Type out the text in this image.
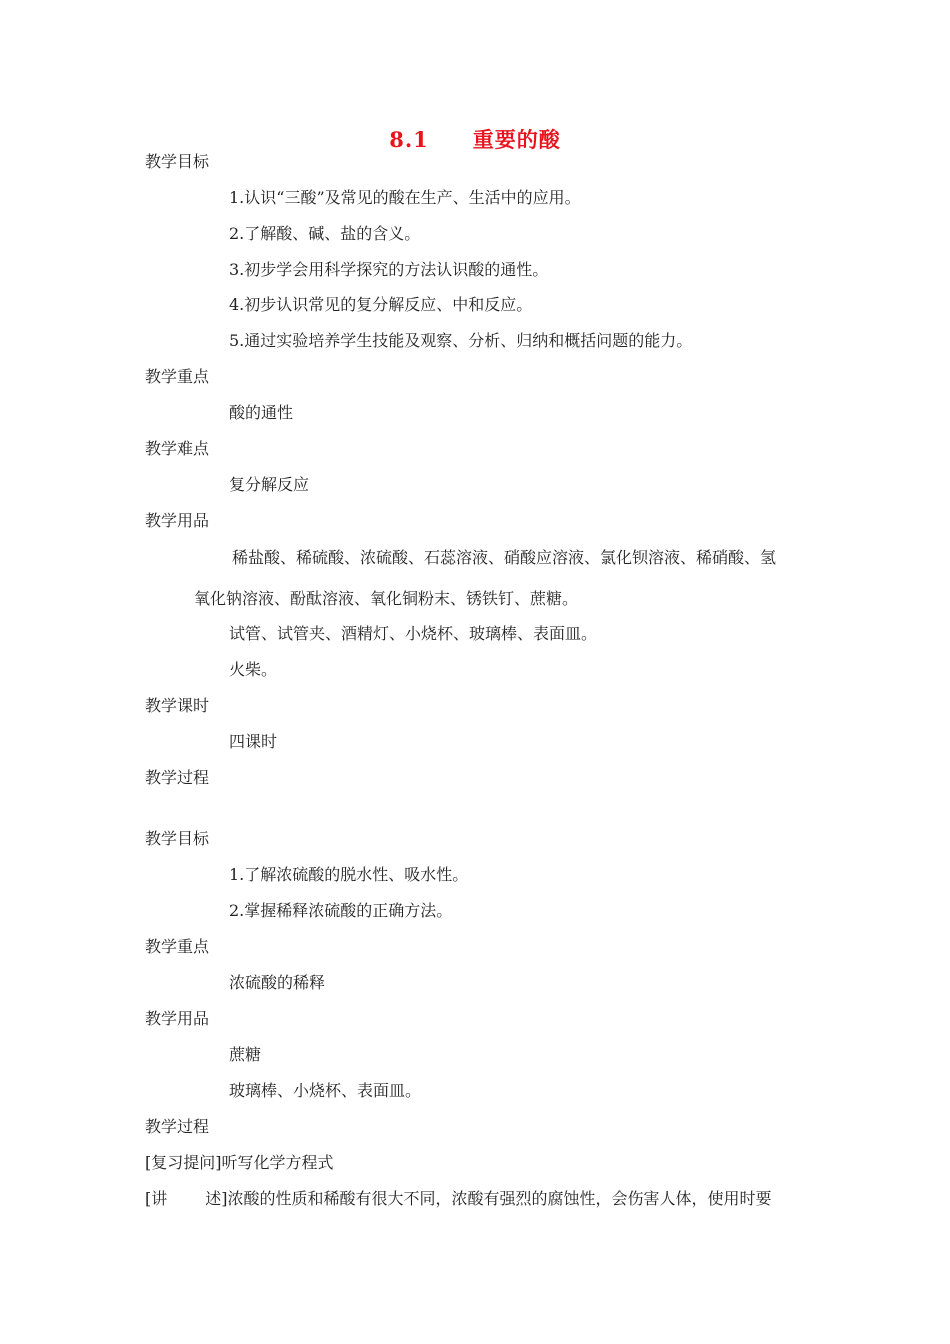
8.1 重要的酸
教学目标
1.认识“三酸”及常见的酸在生产、生活中的应用。
2.了解酸、碱、盐的含义。
3.初步学会用科学探究的方法认识酸的通性。
4.初步认识常见的复分解反应、中和反应。
5.通过实验培养学生技能及观察、分析、归纳和概括问题的能力。
教学重点
酸的通性
教学难点
复分解反应
教学用品
稀盐酸、稀硫酸、浓硫酸、石蕊溶液、硝酸应溶液、氯化钡溶液、稀硝酸、氢
氧化钠溶液、酚酞溶液、氧化铜粉末、锈铁钉、蔗糖。
试管、试管夹、酒精灯、小烧杯、玻璃棒、表面皿。
火柴。
教学课时
四课时
教学过程
教学目标
1.了解浓硫酸的脱水性、吸水性。
2.掌握稀释浓硫酸的正确方法。
教学重点
浓硫酸的稀释
教学用品
蔗糖
玻璃棒、小烧杯、表面皿。
教学过程
[复习提问]听写化学方程式
[讲 述]浓酸的性质和稀酸有很大不同，浓酸有强烈的腐蚀性，会伤害人体，使用时要
